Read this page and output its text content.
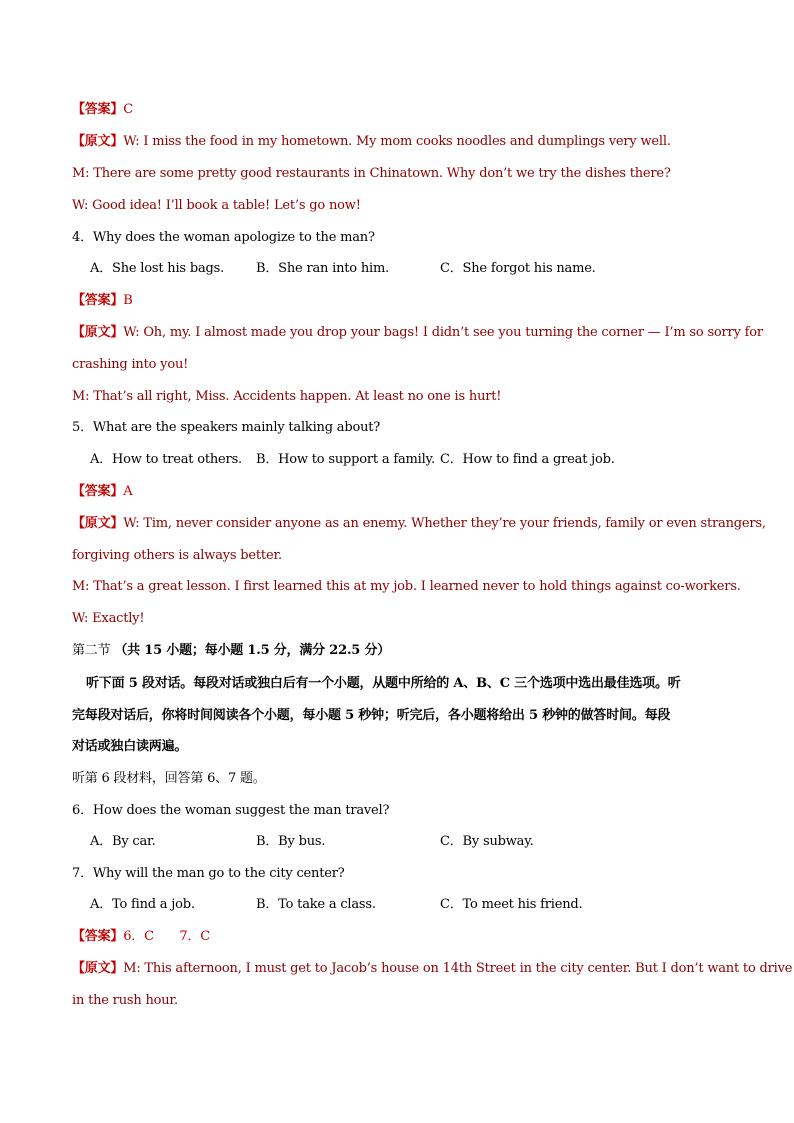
【答案】C
【原文】W: I miss the food in my hometown. My mom cooks noodles and dumplings very well.
M: There are some pretty good restaurants in Chinatown. Why don’t we try the dishes there?
W: Good idea! I’ll book a table! Let’s go now!
4．Why does the woman apologize to the man?
A．She lost his bags. B．She ran into him.	C．She forgot his name.
【答案】B
【原文】W: Oh, my. I almost made you drop your bags! I didn’t see you turning the corner — I’m so sorry for
crashing into you!
M: That’s all right, Miss. Accidents happen. At least no one is hurt!
5．What are the speakers mainly talking about?
A．How to treat others. B．How to support a family. C．How to find a great job.
【答案】A
【原文】W: Tim, never consider anyone as an enemy. Whether they’re your friends, family or even strangers,
forgiving others is always better.
M: That’s a great lesson. I first learned this at my job. I learned never to hold things against co-workers.
W: Exactly!
第二节 （共 15 小题；每小题 1.5 分，满分 22.5 分）
听下面 5 段对话。每段对话或独白后有一个小题，从题中所给的 A、B、C 三个选项中选出最佳选项。听
完每段对话后，你将时间阅读各个小题，每小题 5 秒钟；听完后，各小题将给出 5 秒钟的做答时间。每段
对话或独白读两遍。
听第 6 段材料，回答第 6、7 题。
6．How does the woman suggest the man travel?
A．By car.	B．By bus.	C．By subway.
7．Why will the man go to the city center?
A．To find a job.	B．To take a class.	C．To meet his friend.
【答案】6．C　　7．C
【原文】M: This afternoon, I must get to Jacob’s house on 14th Street in the city center. But I don’t want to drive
in the rush hour.
